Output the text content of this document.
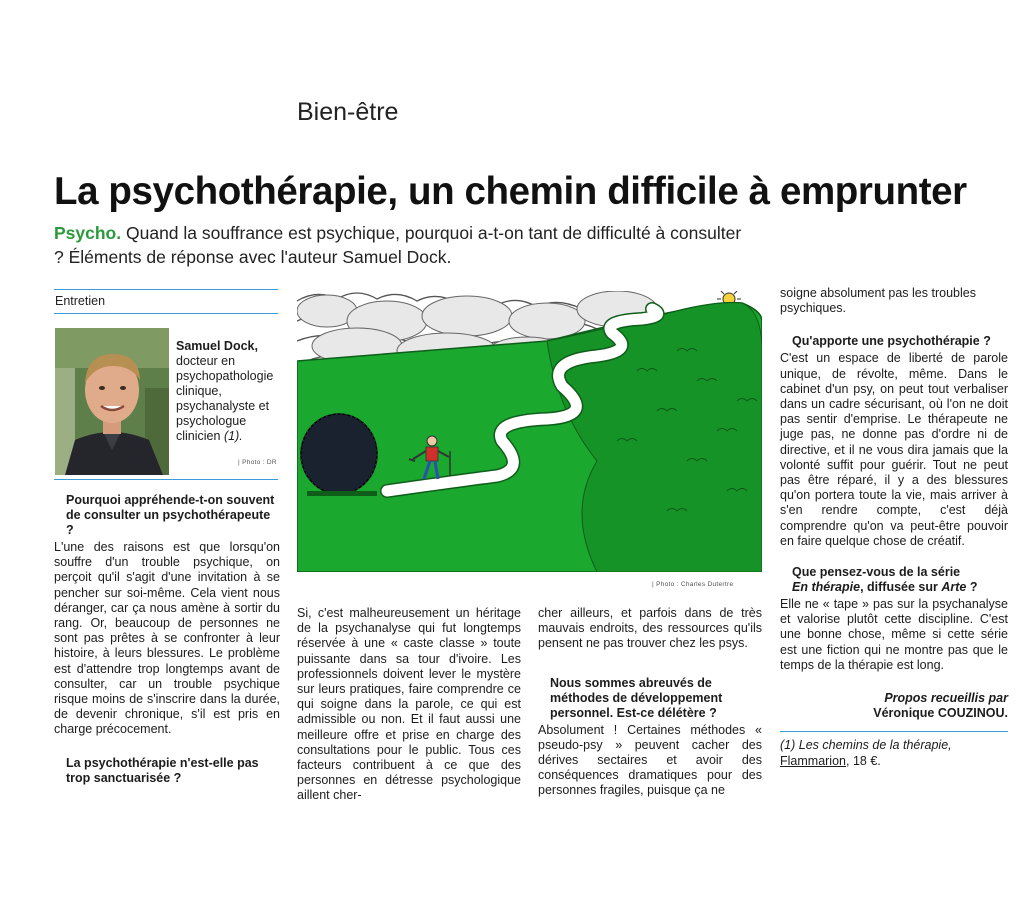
Bien-être
La psychothérapie, un chemin difficile à emprunter
Psycho. Quand la souffrance est psychique, pourquoi a-t-on tant de difficulté à consulter ? Éléments de réponse avec l'auteur Samuel Dock.
Entretien
Samuel Dock,
docteur en psychopathologie clinique, psychanalyste et psychologue clinicien (1).
| Photo : DR

Pourquoi appréhende-t-on souvent de consulter un psychothérapeute ?

L'une des raisons est que lorsqu'on souffre d'un trouble psychique, on perçoit qu'il s'agit d'une invitation à se pencher sur soi-même. Cela vient nous déranger, car ça nous amène à sortir du rang. Or, beaucoup de personnes ne sont pas prêtes à se confronter à leur histoire, à leurs blessures. Le problème est d'attendre trop longtemps avant de consulter, car un trouble psychique risque moins de s'inscrire dans la durée, de devenir chronique, s'il est pris en charge précocement.

La psychothérapie n'est-elle pas trop sanctuarisée ?

| Photo : Charles Dutertre

Si, c'est malheureusement un héritage de la psychanalyse qui fut longtemps réservée à une « caste classe » toute puissante dans sa tour d'ivoire. Les professionnels doivent lever le mystère sur leurs pratiques, faire comprendre ce qui soigne dans la parole, ce qui est admissible ou non. Et il faut aussi une meilleure offre et prise en charge des consultations pour le public. Tous ces facteurs contribuent à ce que des personnes en détresse psychologique aillent cher-

cher ailleurs, et parfois dans de très mauvais endroits, des ressources qu'ils pensent ne pas trouver chez les psys.

Nous sommes abreuvés de méthodes de développement personnel. Est-ce délétère ?

Absolument ! Certaines méthodes « pseudo-psy » peuvent cacher des dérives sectaires et avoir des conséquences dramatiques pour des personnes fragiles, puisque ça ne

soigne absolument pas les troubles psychiques.

Qu'apporte une psychothérapie ?

C'est un espace de liberté de parole unique, de révolte, même. Dans le cabinet d'un psy, on peut tout verbaliser dans un cadre sécurisant, où l'on ne doit pas sentir d'emprise. Le thérapeute ne juge pas, ne donne pas d'ordre ni de directive, et il ne vous dira jamais que la volonté suffit pour guérir. Tout ne peut pas être réparé, il y a des blessures qu'on portera toute la vie, mais arriver à s'en rendre compte, c'est déjà comprendre qu'on va peut-être pouvoir en faire quelque chose de créatif.

Que pensez-vous de la série
En thérapie, diffusée sur Arte ?

Elle ne « tape » pas sur la psychanalyse et valorise plutôt cette discipline. C'est une bonne chose, même si cette série est une fiction qui ne montre pas que le temps de la thérapie est long.

Propos recueillis par

Véronique COUZINOU.

(1) Les chemins de la thérapie, Flammarion, 18 €.
